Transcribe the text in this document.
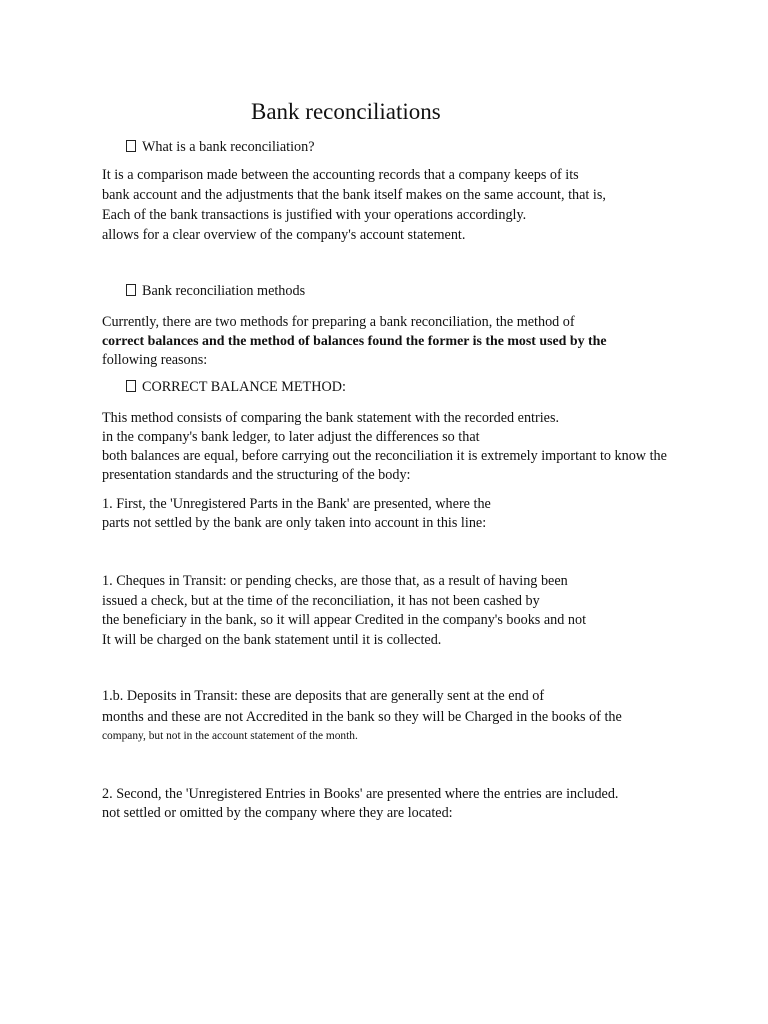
Bank reconciliations
What is a bank reconciliation?
It is a comparison made between the accounting records that a company keeps of its
bank account and the adjustments that the bank itself makes on the same account, that is,
Each of the bank transactions is justified with your operations accordingly.
allows for a clear overview of the company's account statement.
Bank reconciliation methods
Currently, there are two methods for preparing a bank reconciliation, the method of
correct balances and the method of balances found the former is the most used by the
following reasons:
CORRECT BALANCE METHOD:
This method consists of comparing the bank statement with the recorded entries.
in the company's bank ledger, to later adjust the differences so that
both balances are equal, before carrying out the reconciliation it is extremely important to know the
presentation standards and the structuring of the body:
1. First, the 'Unregistered Parts in the Bank' are presented, where the
parts not settled by the bank are only taken into account in this line:
1. Cheques in Transit: or pending checks, are those that, as a result of having been
issued a check, but at the time of the reconciliation, it has not been cashed by
the beneficiary in the bank, so it will appear Credited in the company's books and not
It will be charged on the bank statement until it is collected.
1.b. Deposits in Transit: these are deposits that are generally sent at the end of
months and these are not Accredited in the bank so they will be Charged in the books of the
company, but not in the account statement of the month.
2. Second, the 'Unregistered Entries in Books' are presented where the entries are included.
not settled or omitted by the company where they are located:
